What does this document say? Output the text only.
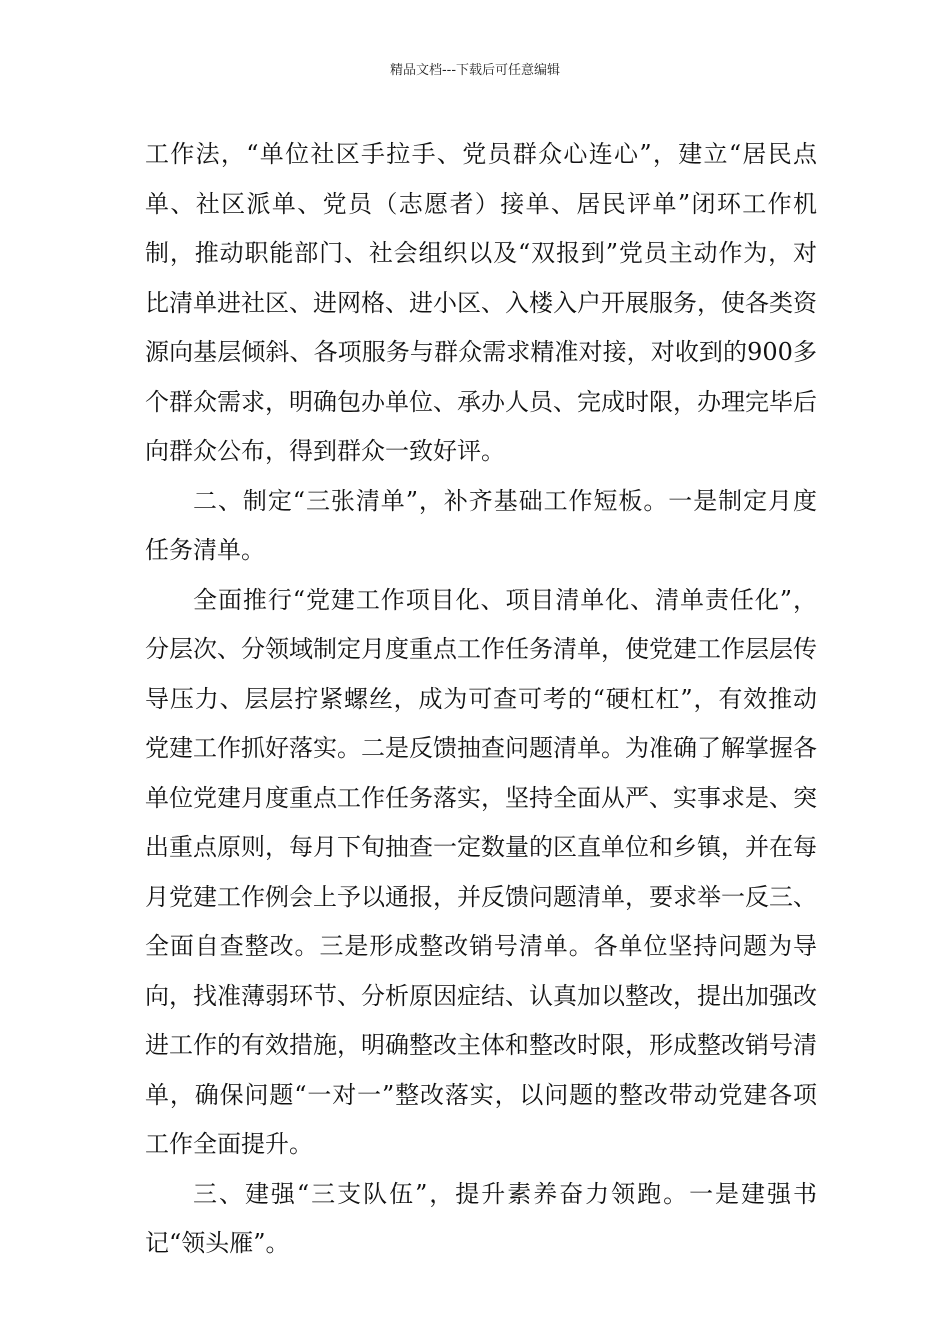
精品文档---下载后可任意编辑

工作法，“单位社区手拉手、党员群众心连心”，建立“居民点单、社区派单、党员（志愿者）接单、居民评单”闭环工作机制，推动职能部门、社会组织以及“双报到”党员主动作为，对比清单进社区、进网格、进小区、入楼入户开展服务，使各类资源向基层倾斜、各项服务与群众需求精准对接，对收到的900多个群众需求，明确包办单位、承办人员、完成时限，办理完毕后向群众公布，得到群众一致好评。

二、制定“三张清单”，补齐基础工作短板。一是制定月度任务清单。

全面推行“党建工作项目化、项目清单化、清单责任化”，分层次、分领域制定月度重点工作任务清单，使党建工作层层传导压力、层层拧紧螺丝，成为可查可考的“硬杠杠”，有效推动党建工作抓好落实。二是反馈抽查问题清单。为准确了解掌握各单位党建月度重点工作任务落实，坚持全面从严、实事求是、突出重点原则，每月下旬抽查一定数量的区直单位和乡镇，并在每月党建工作例会上予以通报，并反馈问题清单，要求举一反三、全面自查整改。三是形成整改销号清单。各单位坚持问题为导向，找准薄弱环节、分析原因症结、认真加以整改，提出加强改进工作的有效措施，明确整改主体和整改时限，形成整改销号清单，确保问题“一对一”整改落实，以问题的整改带动党建各项工作全面提升。

三、建强“三支队伍”，提升素养奋力领跑。一是建强书记“领头雁”。
